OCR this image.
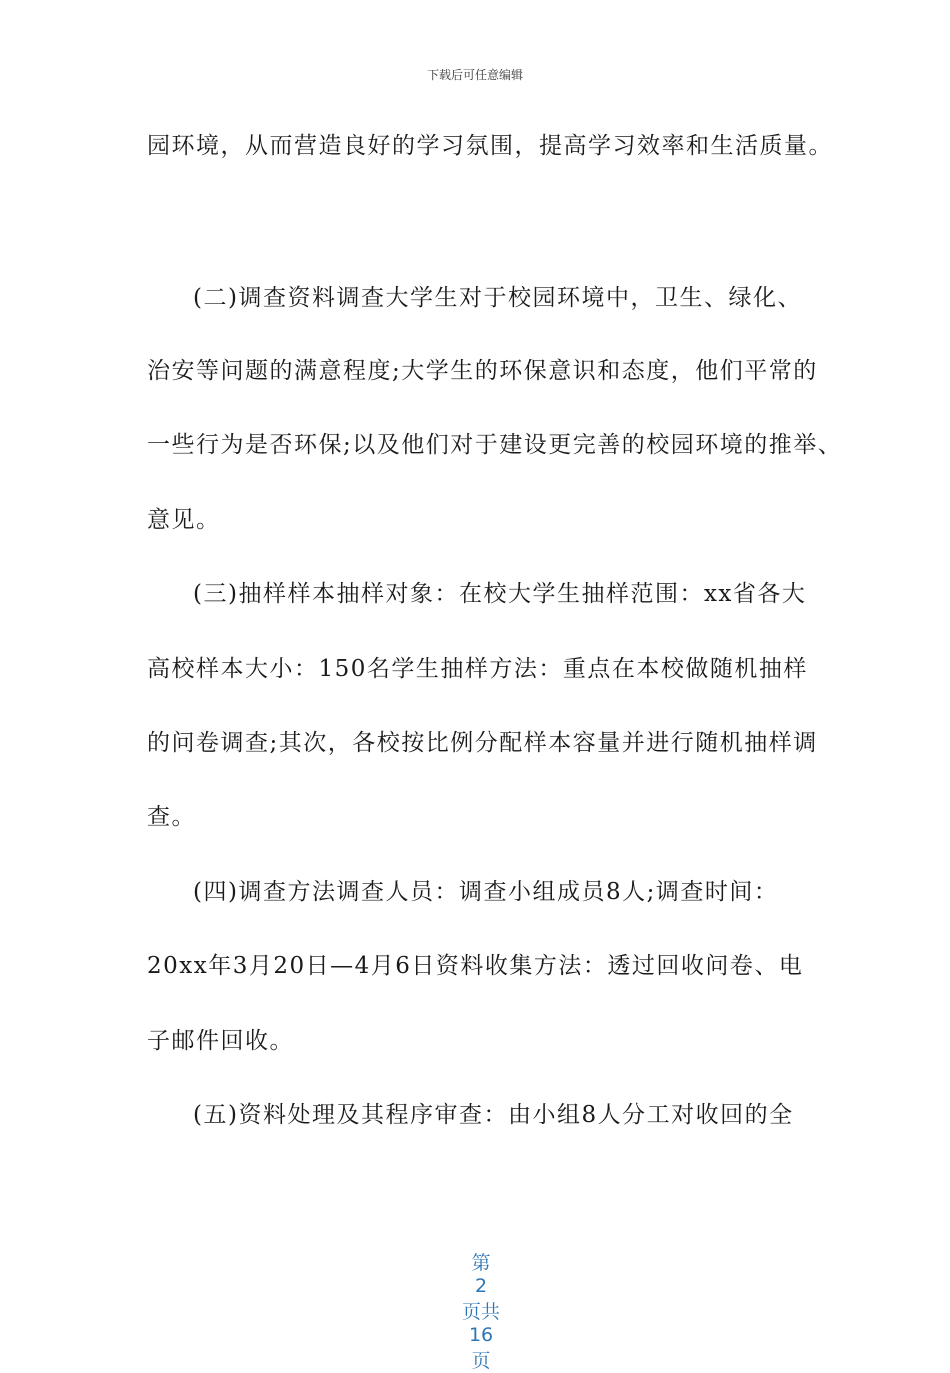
下载后可任意编辑
园环境，从而营造良好的学习氛围，提高学习效率和生活质量。
(二)调查资料调查大学生对于校园环境中，卫生、绿化、
治安等问题的满意程度;大学生的环保意识和态度，他们平常的
一些行为是否环保;以及他们对于建设更完善的校园环境的推举、
意见。
(三)抽样样本抽样对象：在校大学生抽样范围：xx省各大
高校样本大小：150名学生抽样方法：重点在本校做随机抽样
的问卷调查;其次，各校按比例分配样本容量并进行随机抽样调
查。
(四)调查方法调查人员：调查小组成员8人;调查时间：
20xx年3月20日—4月6日资料收集方法：透过回收问卷、电
子邮件回收。
(五)资料处理及其程序审查：由小组8人分工对收回的全

第
2
页共
16
页
